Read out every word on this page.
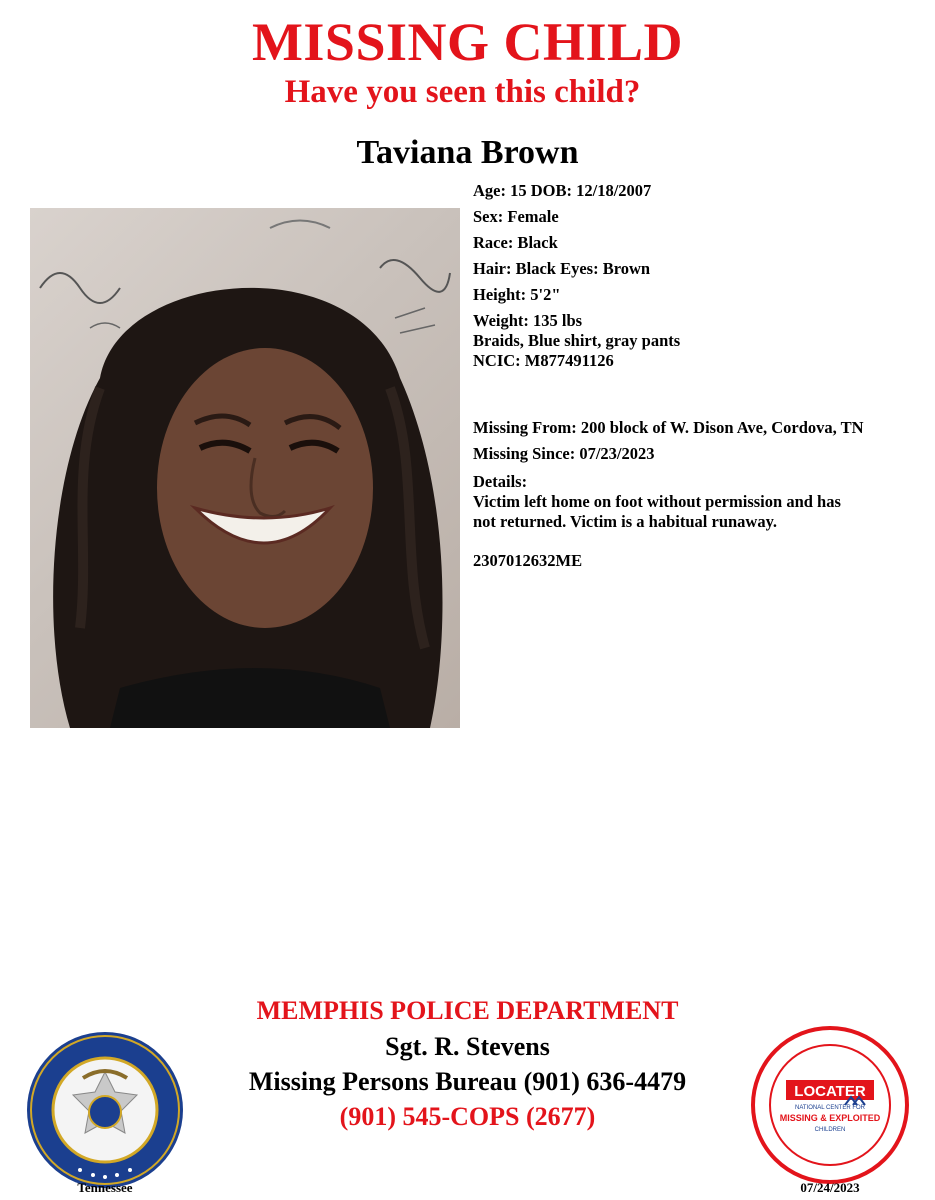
MISSING CHILD
Have you seen this child?
Taviana Brown
Age: 15 DOB: 12/18/2007
Sex: Female
Race: Black
Hair: Black Eyes: Brown
Height: 5'2"
Weight: 135 lbs
Braids, Blue shirt, gray pants
NCIC: M877491126
Missing From: 200 block of W. Dison Ave, Cordova, TN
Missing Since: 07/23/2023
Details:
Victim left home on foot without permission and has
not returned. Victim is a habitual runaway.
2307012632ME
MEMPHIS POLICE DEPARTMENT
Sgt. R. Stevens
Missing Persons Bureau (901) 636-4479
(901) 545-COPS (2677)
Tennessee
LOCATER
NATIONAL CENTER FOR
MISSING & EXPLOITED
CHILDREN
07/24/2023
